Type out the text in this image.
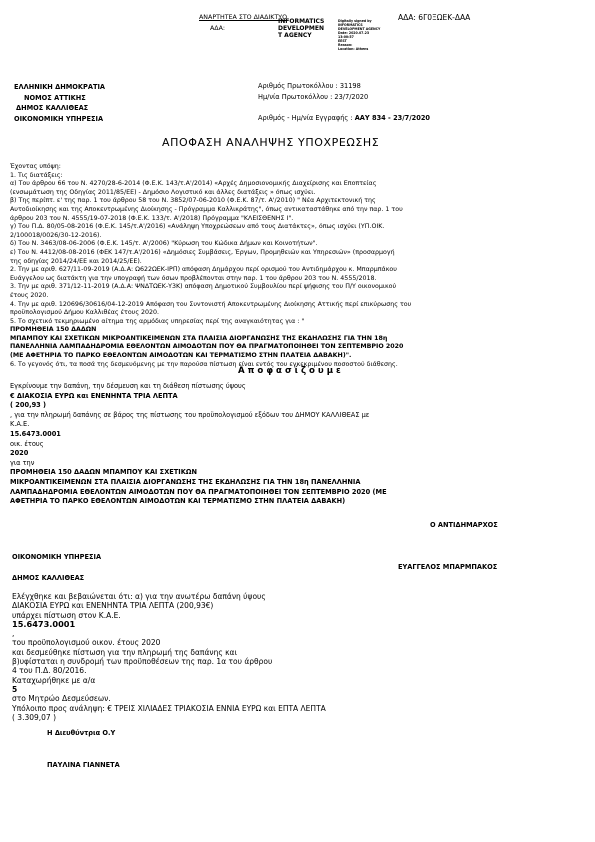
ΑΝΑΡΤΗΤΕΑ ΣΤΟ ΔΙΑΔΙΚΤΥΟ
ΑΔΑ:
ΑΔΑ: 6Γ0ΞΩΕΚ-ΔΑΑ
INFORMATICS
DEVELOPMEN
T AGENCY
Digitally signed by
INFORMATICS
DEVELOPMENT AGENCY
Date: 2020.07.23
13:00:57
EEST
Reason:
Location: Athens
ΕΛΛΗΝΙΚΗ ΔΗΜΟΚΡΑΤΙΑ
ΝΟΜΟΣ ΑΤΤΙΚΗΣ
ΔΗΜΟΣ ΚΑΛΛΙΘΕΑΣ
ΟΙΚΟΝΟΜΙΚΗ ΥΠΗΡΕΣΙΑ
Αριθμός Πρωτοκόλλου : 31198
Ημ/νία Πρωτοκόλλου : 23/7/2020
Αριθμός - Ημ/νία Εγγραφής : ΑΑΥ 834 - 23/7/2020
ΑΠΟΦΑΣΗ ΑΝΑΛΗΨΗΣ ΥΠΟΧΡΕΩΣΗΣ
Έχοντας υπόψη:
1. Τις διατάξεις:
α) Του άρθρου 66 του Ν. 4270/28-6-2014 (Φ.Ε.Κ. 143/τ.Α'/2014) «Αρχές Δημοσιονομικής Διαχείρισης και Εποπτείας
(ενσωμάτωση της Οδηγίας 2011/85/ΕΕ) - Δημόσιο Λογιστικό και άλλες διατάξεις » όπως ισχύει.
β) Της περίπτ. ε' της παρ. 1 του άρθρου 58 του Ν. 3852/07-06-2010 (Φ.Ε.Κ. 87/τ. Α'/2010) " Νέα Αρχιτεκτονική της
Αυτοδιοίκησης και της Αποκεντρωμένης Διοίκησης - Πρόγραμμα Καλλικράτης", όπως αντικαταστάθηκε από την παρ. 1 του
άρθρου 203 του Ν. 4555/19-07-2018 (Φ.Ε.Κ. 133/τ. Α'/2018) Πρόγραμμα "ΚΛΕΙΣΘΕΝΗΣ Ι".
γ) Του Π.Δ. 80/05-08-2016 (Φ.Ε.Κ. 145/τ.Α'/2016) «Ανάληψη Υποχρεώσεων από τους Διατάκτες», όπως ισχύει (ΥΠ.ΟΙΚ.
2/100018/0026/30-12-2016).
δ) Του Ν. 3463/08-06-2006 (Φ.Ε.Κ. 145/τ. Α'/2006) "Κύρωση του Κώδικα Δήμων και Κοινοτήτων".
ε) Του Ν. 4412/08-08-2016 (ΦΕΚ 147/τ.Α'/2016) «Δημόσιες Συμβάσεις, Έργων, Προμηθειών και Υπηρεσιών» (προσαρμογή
της οδηγίας 2014/24/ΕΕ και 2014/25/ΕΕ).
2. Την με αριθ. 627/11-09-2019 (Α.Δ.Α: Ω622ΩΕΚ-ΙΡΠ) απόφαση Δημάρχου περί ορισμού του Αντιδημάρχου κ. Μπαρμπάκου
Ευάγγελου ως διατάκτη για την υπογραφή των όσων προβλέπονται στην παρ. 1 του άρθρου 203 του Ν. 4555/2018.
3. Την με αριθ. 371/12-11-2019 (Α.Δ.Α: ΨΝΔΤΩΕΚ-Υ3Κ) απόφαση Δημοτικού Συμβουλίου περί ψήφισης του Π/Υ οικονομικού
έτους 2020.
4. Την με αριθ. 120696/30616/04-12-2019 Απόφαση του Συντονιστή Αποκεντρωμένης Διοίκησης Αττικής περί επικύρωσης του
προϋπολογισμού Δήμου Καλλιθέας έτους 2020.
5. Το σχετικό τεκμηριωμένο αίτημα της αρμόδιας υπηρεσίας περί της αναγκαιότητας για : "
ΠΡΟΜΗΘΕΙΑ 150 ΔΑΔΩΝ
ΜΠΑΜΠΟΥ ΚΑΙ ΣΧΕΤΙΚΩΝ ΜΙΚΡΟΑΝΤΙΚΕΙΜΕΝΩΝ ΣΤΑ ΠΛΑΙΣΙΑ ΔΙΟΡΓΑΝΩΣΗΣ ΤΗΣ ΕΚΔΗΛΩΣΗΣ ΓΙΑ ΤΗΝ 18η
ΠΑΝΕΛΛΗΝΙΑ ΛΑΜΠΑΔΗΔΡΟΜΙΑ ΕΘΕΛΟΝΤΩΝ ΑΙΜΟΔΟΤΩΝ ΠΟΥ ΘΑ ΠΡΑΓΜΑΤΟΠΟΙΗΘΕΙ ΤΟΝ ΣΕΠΤΕΜΒΡΙΟ 2020
(ΜΕ ΑΦΕΤΗΡΙΑ ΤΟ ΠΑΡΚΟ ΕΘΕΛΟΝΤΩΝ ΑΙΜΟΔΟΤΩΝ ΚΑΙ ΤΕΡΜΑΤΙΣΜΟ ΣΤΗΝ ΠΛΑΤΕΙΑ ΔΑΒΑΚΗ)".
6. Το γεγονός ότι, τα ποσά της δεσμευόμενης με την παρούσα πίστωση είναι εντός του εγκεκριμένου ποσοστού διάθεσης.
Α π ο φ α σ ί ζ ο υ μ ε
Εγκρίνουμε την δαπάνη, την δέσμευση και τη διάθεση πίστωσης ύψους
€ ΔΙΑΚΟΣΙΑ ΕΥΡΩ και ΕΝΕΝΗΝΤΑ ΤΡΙΑ ΛΕΠΤΑ
( 200,93 )
, για την πληρωμή δαπάνης σε βάρος της πίστωσης του προϋπολογισμού εξόδων του ΔΗΜΟΥ ΚΑΛΛΙΘΕΑΣ με
Κ.Α.Ε.
15.6473.0001
οικ. έτους
2020
για την
ΠΡΟΜΗΘΕΙΑ 150 ΔΑΔΩΝ ΜΠΑΜΠΟΥ ΚΑΙ ΣΧΕΤΙΚΩΝ
ΜΙΚΡΟΑΝΤΙΚΕΙΜΕΝΩΝ ΣΤΑ ΠΛΑΙΣΙΑ ΔΙΟΡΓΑΝΩΣΗΣ ΤΗΣ ΕΚΔΗΛΩΣΗΣ ΓΙΑ ΤΗΝ 18η ΠΑΝΕΛΛΗΝΙΑ
ΛΑΜΠΑΔΗΔΡΟΜΙΑ ΕΘΕΛΟΝΤΩΝ ΑΙΜΟΔΟΤΩΝ ΠΟΥ ΘΑ ΠΡΑΓΜΑΤΟΠΟΙΗΘΕΙ ΤΟΝ ΣΕΠΤΕΜΒΡΙΟ 2020 (ΜΕ
ΑΦΕΤΗΡΙΑ ΤΟ ΠΑΡΚΟ ΕΘΕΛΟΝΤΩΝ ΑΙΜΟΔΟΤΩΝ ΚΑΙ ΤΕΡΜΑΤΙΣΜΟ ΣΤΗΝ ΠΛΑΤΕΙΑ ΔΑΒΑΚΗ)
Ο ΑΝΤΙΔΗΜΑΡΧΟΣ
ΟΙΚΟΝΟΜΙΚΗ ΥΠΗΡΕΣΙΑ
ΕΥΑΓΓΕΛΟΣ ΜΠΑΡΜΠΑΚΟΣ
ΔΗΜΟΣ ΚΑΛΛΙΘΕΑΣ
Ελέγχθηκε και βεβαιώνεται ότι: α) για την ανωτέρω δαπάνη ύψους
ΔΙΑΚΟΣΙΑ ΕΥΡΩ και ΕΝΕΝΗΝΤΑ ΤΡΙΑ ΛΕΠΤΑ (200,93€)
υπάρχει πίστωση στον Κ.Α.Ε.
15.6473.0001
,
του προϋπολογισμού οικον. έτους 2020
και δεσμεύθηκε πίστωση για την πληρωμή της δαπάνης και
β)υφίσταται η συνδρομή των προϋποθέσεων της παρ. 1α του άρθρου
4 του Π.Δ. 80/2016.
Καταχωρήθηκε με α/α
5
στο Μητρώο Δεσμεύσεων.
Υπόλοιπο προς ανάληψη: € ΤΡΕΙΣ ΧΙΛΙΑΔΕΣ ΤΡΙΑΚΟΣΙΑ ΕΝΝΙΑ ΕΥΡΩ και ΕΠΤΑ ΛΕΠΤΑ
( 3.309,07 )
Η Διευθύντρια Ο.Υ
ΠΑΥΛΙΝΑ ΓΙΑΝΝΕΤΑ
